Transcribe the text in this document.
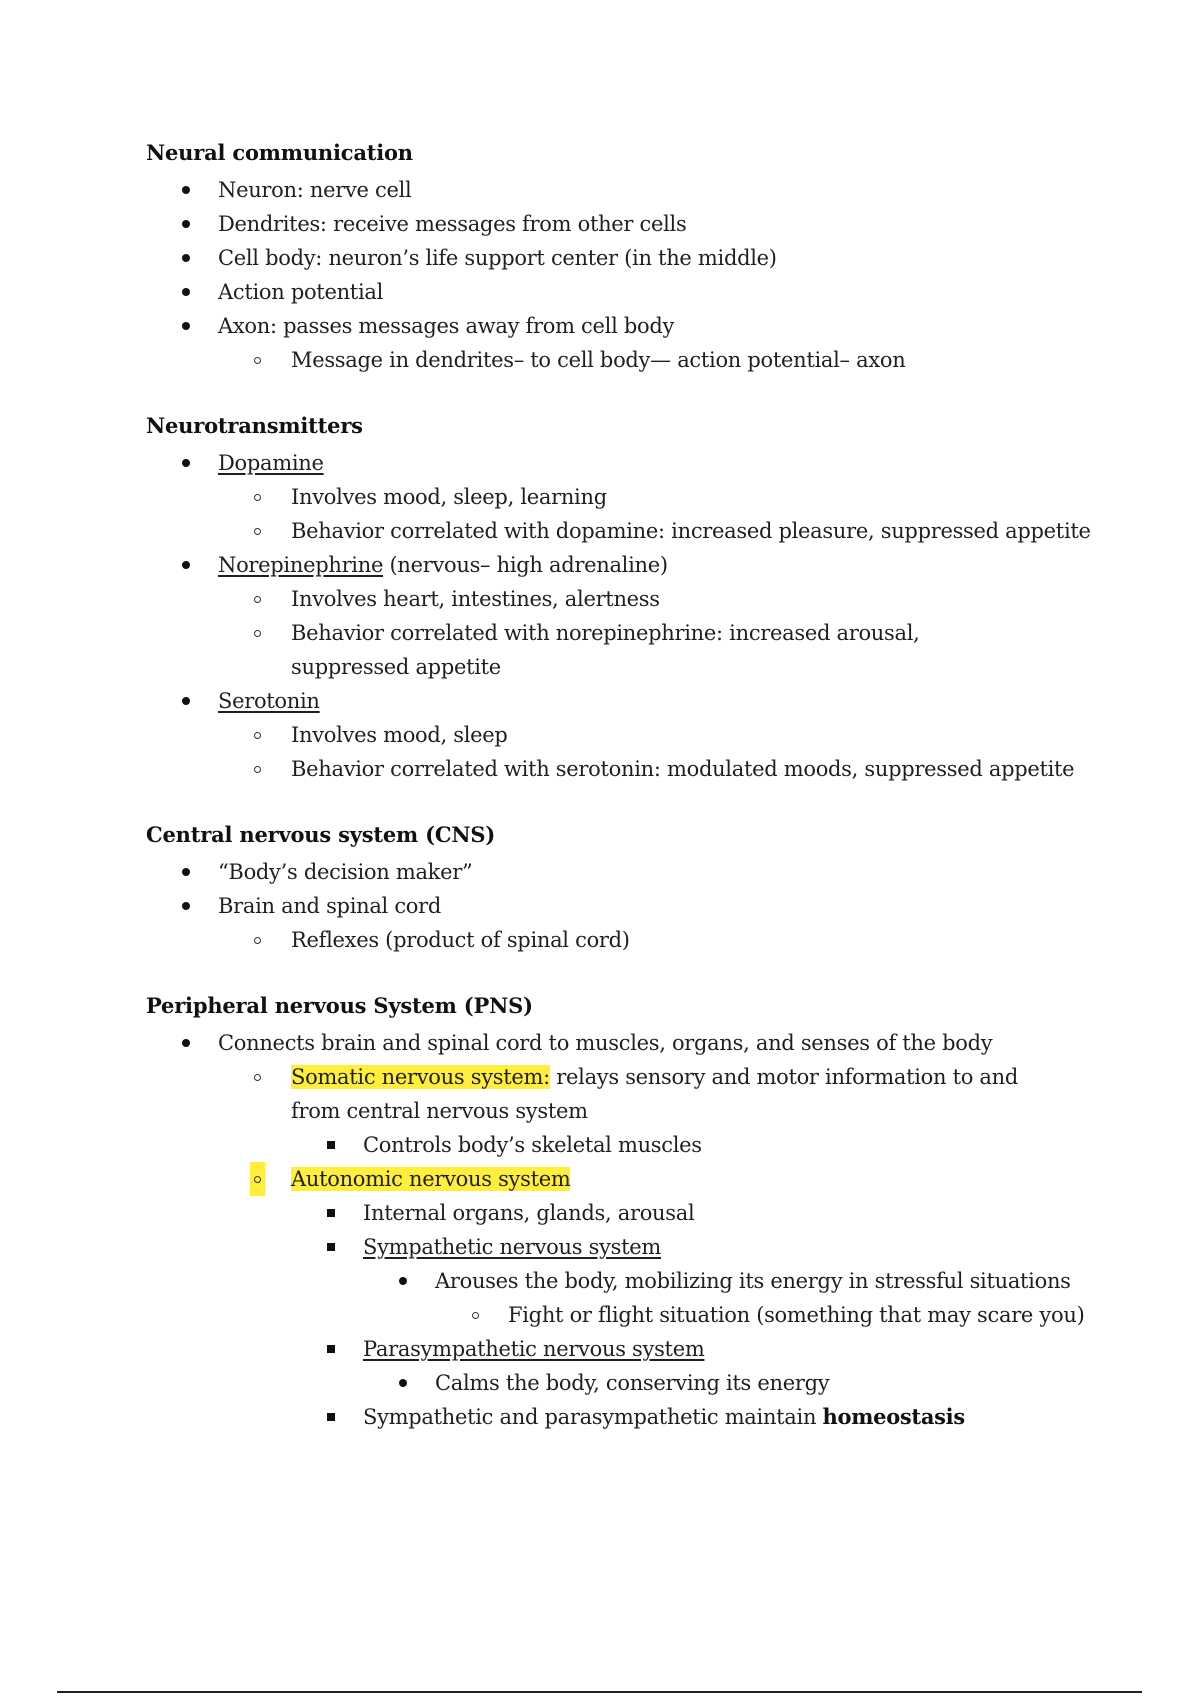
Neural communication
Neuron: nerve cell
Dendrites: receive messages from other cells
Cell body: neuron’s life support center (in the middle)
Action potential
Axon: passes messages away from cell body
Message in dendrites– to cell body— action potential– axon
Neurotransmitters
Dopamine
Involves mood, sleep, learning
Behavior correlated with dopamine: increased pleasure, suppressed appetite
Norepinephrine (nervous– high adrenaline)
Involves heart, intestines, alertness
Behavior correlated with norepinephrine: increased arousal, suppressed appetite
Serotonin
Involves mood, sleep
Behavior correlated with serotonin: modulated moods, suppressed appetite
Central nervous system (CNS)
“Body’s decision maker”
Brain and spinal cord
Reflexes (product of spinal cord)
Peripheral nervous System (PNS)
Connects brain and spinal cord to muscles, organs, and senses of the body
Somatic nervous system: relays sensory and motor information to and from central nervous system
Controls body’s skeletal muscles
Autonomic nervous system
Internal organs, glands, arousal
Sympathetic nervous system
Arouses the body, mobilizing its energy in stressful situations
Fight or flight situation (something that may scare you)
Parasympathetic nervous system
Calms the body, conserving its energy
Sympathetic and parasympathetic maintain homeostasis
